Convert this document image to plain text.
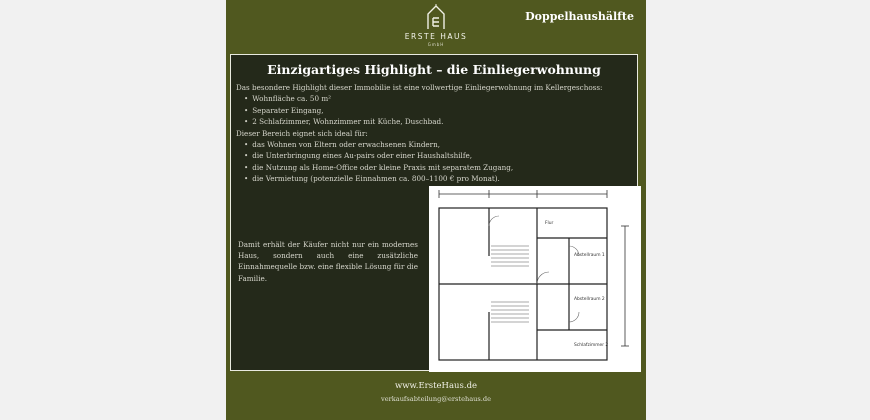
ERSTE HAUS
GmbH
Doppelhaushälfte
Einzigartiges Highlight – die Einliegerwohnung

Das besondere Highlight dieser Immobilie ist eine vollwertige Einliegerwohnung im Kellergeschoss:

• Wohnfläche ca. 50 m²
• Separater Eingang,
• 2 Schlafzimmer, Wohnzimmer mit Küche, Duschbad.

Dieser Bereich eignet sich ideal für:

• das Wohnen von Eltern oder erwachsenen Kindern,
• die Unterbringung eines Au-pairs oder einer Haushaltshilfe,
• die Nutzung als Home-Office oder kleine Praxis mit separatem Zugang,
• die Vermietung (potenzielle Einnahmen ca. 800–1100 € pro Monat).
Damit erhält der Käufer nicht nur ein modernes Haus, sondern auch eine zusätzliche Einnahmequelle bzw. eine flexible Lösung für die Familie.
Abstellraum 1
Abstellraum 2
Schlafzimmer 2
Flur
www.ErsteHaus.de
verkaufsabteilung@erstehaus.de
